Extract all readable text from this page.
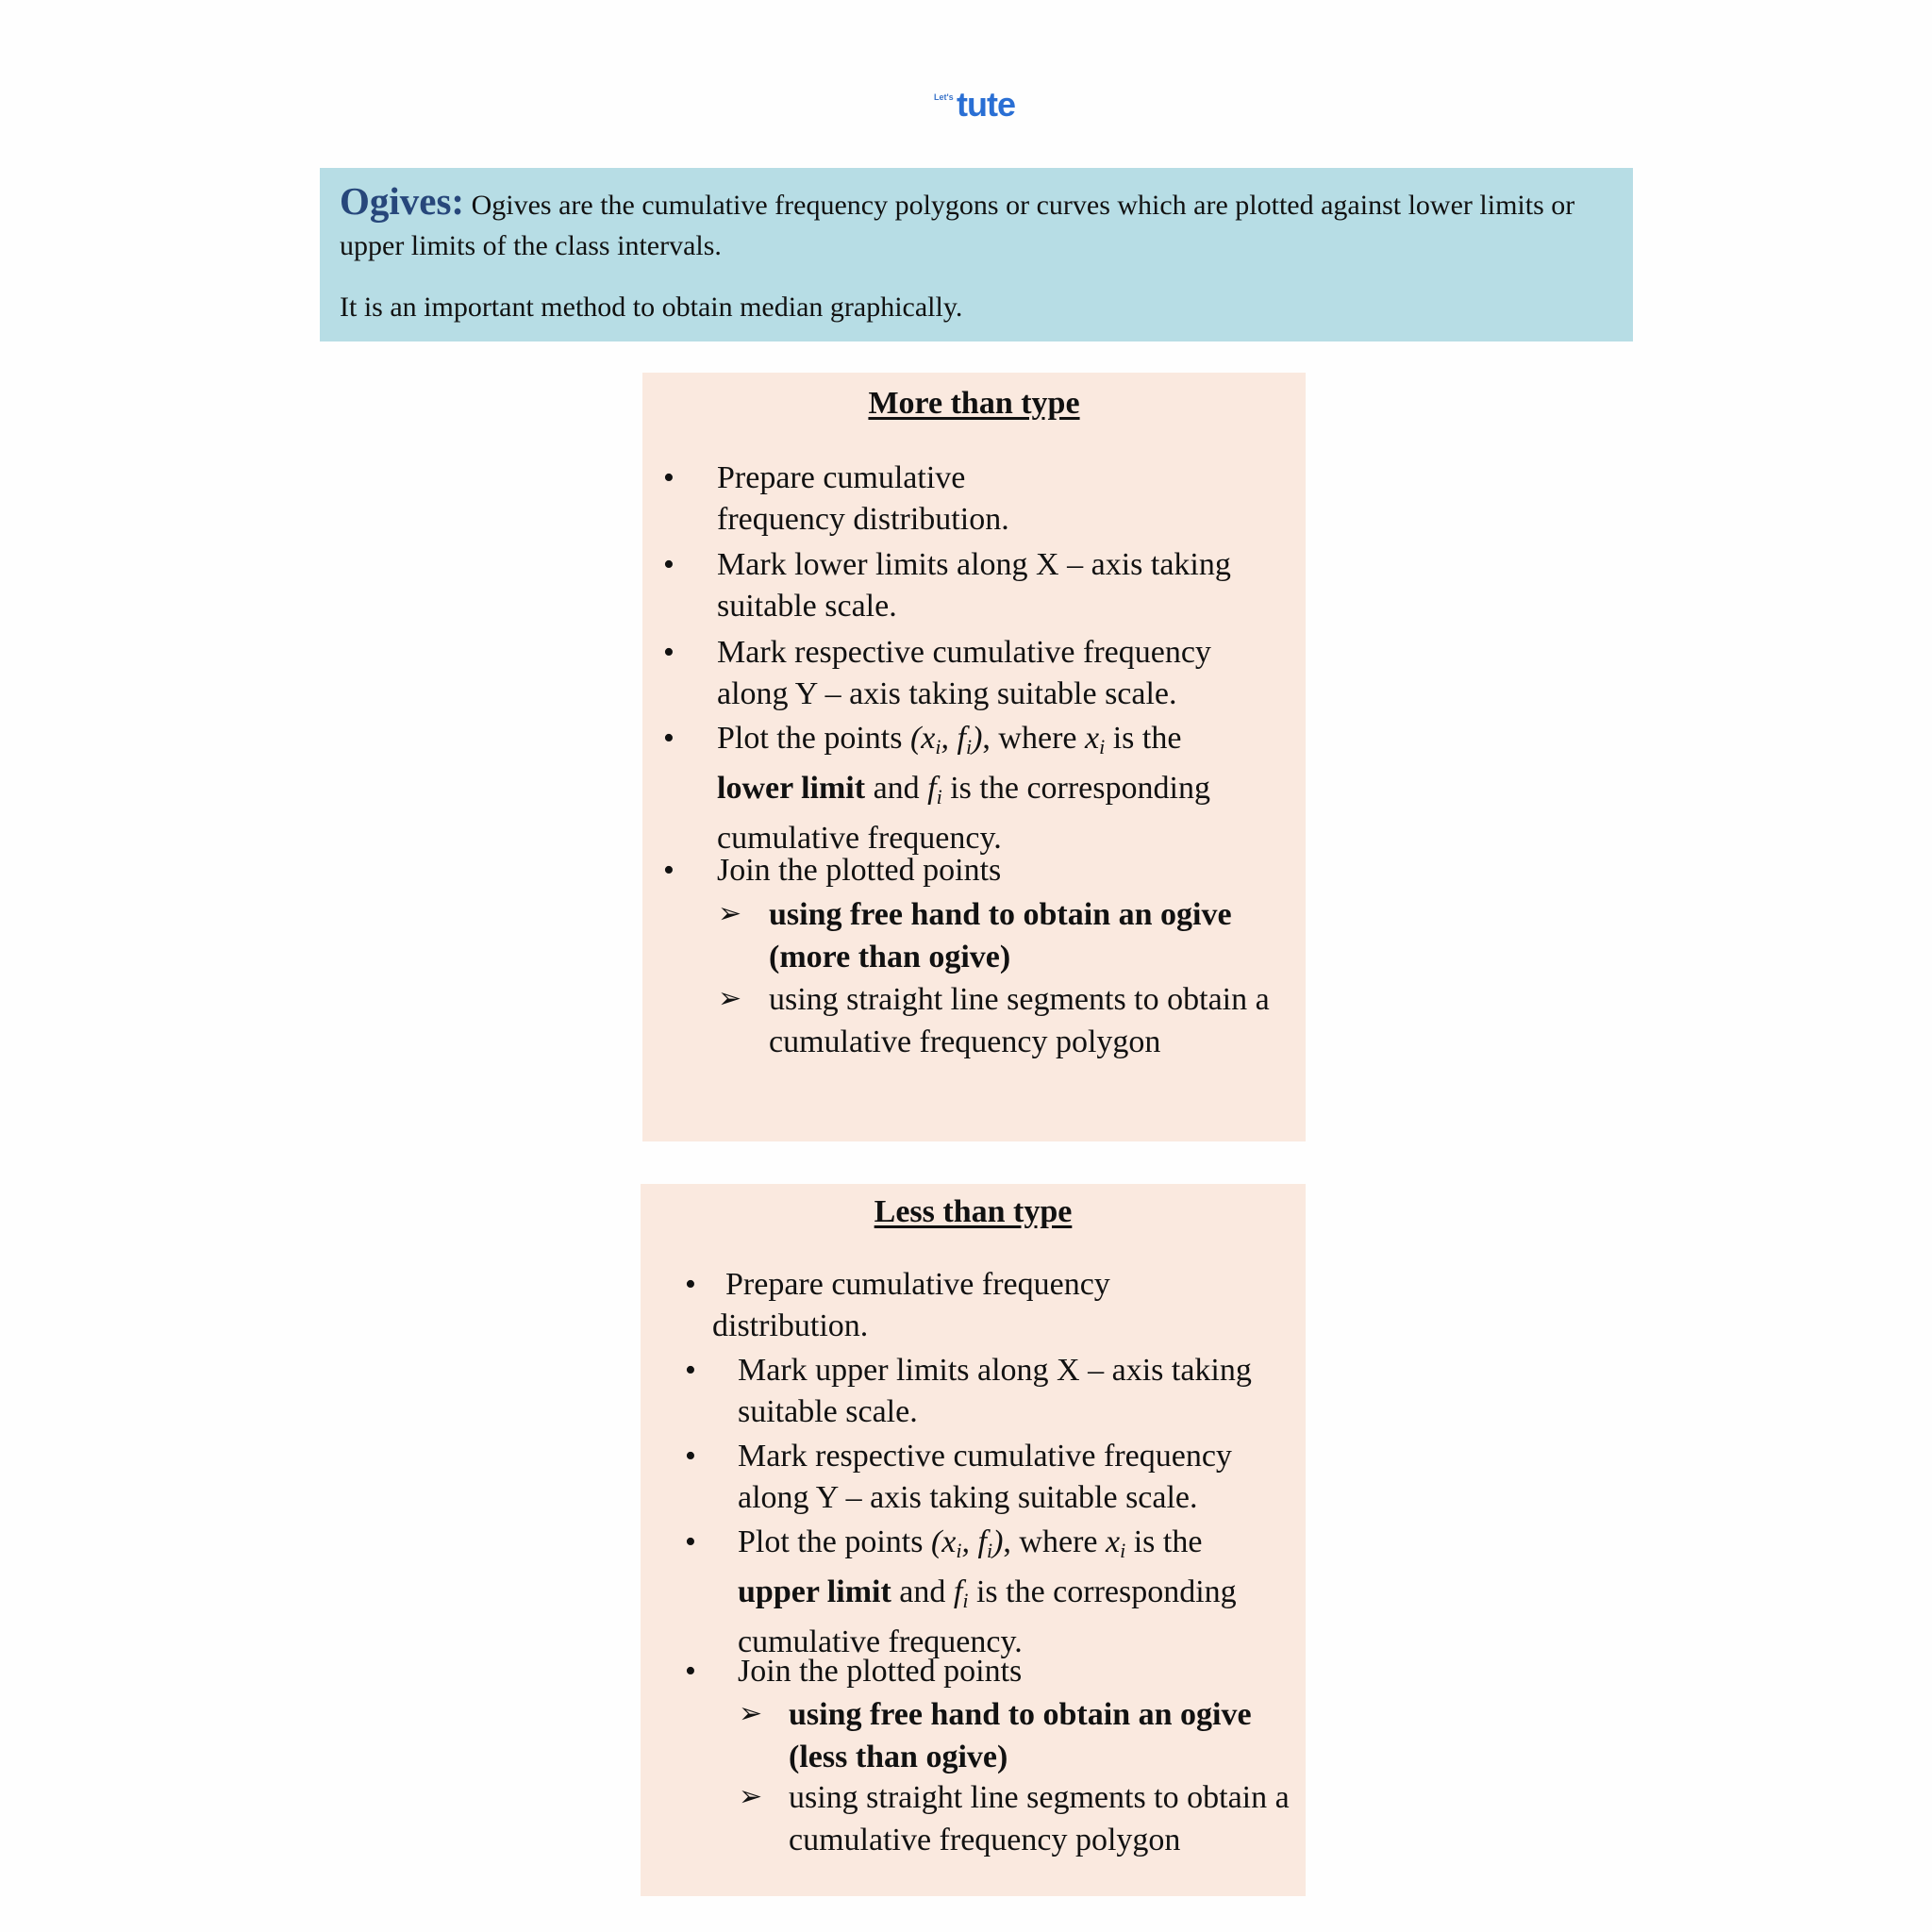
Let's tute

Ogives: Ogives are the cumulative frequency polygons or curves which are plotted against lower limits or upper limits of the class intervals.

It is an important method to obtain median graphically.

More than type
• Prepare cumulative frequency distribution.
• Mark lower limits along X – axis taking suitable scale.
• Mark respective cumulative frequency along Y – axis taking suitable scale.
• Plot the points ($x_i$, $f_i$), where $x_i$ is the
lower limit and $f_i$ is the corresponding
cumulative frequency.
• Join the plotted points
➢ using free hand to obtain an ogive (more than ogive)
➢ using straight line segments to obtain a cumulative frequency polygon
Less than type
• Prepare cumulative frequency distribution.
• Mark upper limits along X – axis taking suitable scale.
• Mark respective cumulative frequency along Y – axis taking suitable scale.
• Plot the points ($x_i$, $f_i$), where $x_i$ is the
upper limit and $f_i$ is the corresponding
cumulative frequency.
• Join the plotted points
➢ using free hand to obtain an ogive (less than ogive)
➢ using straight line segments to obtain a cumulative frequency polygon
